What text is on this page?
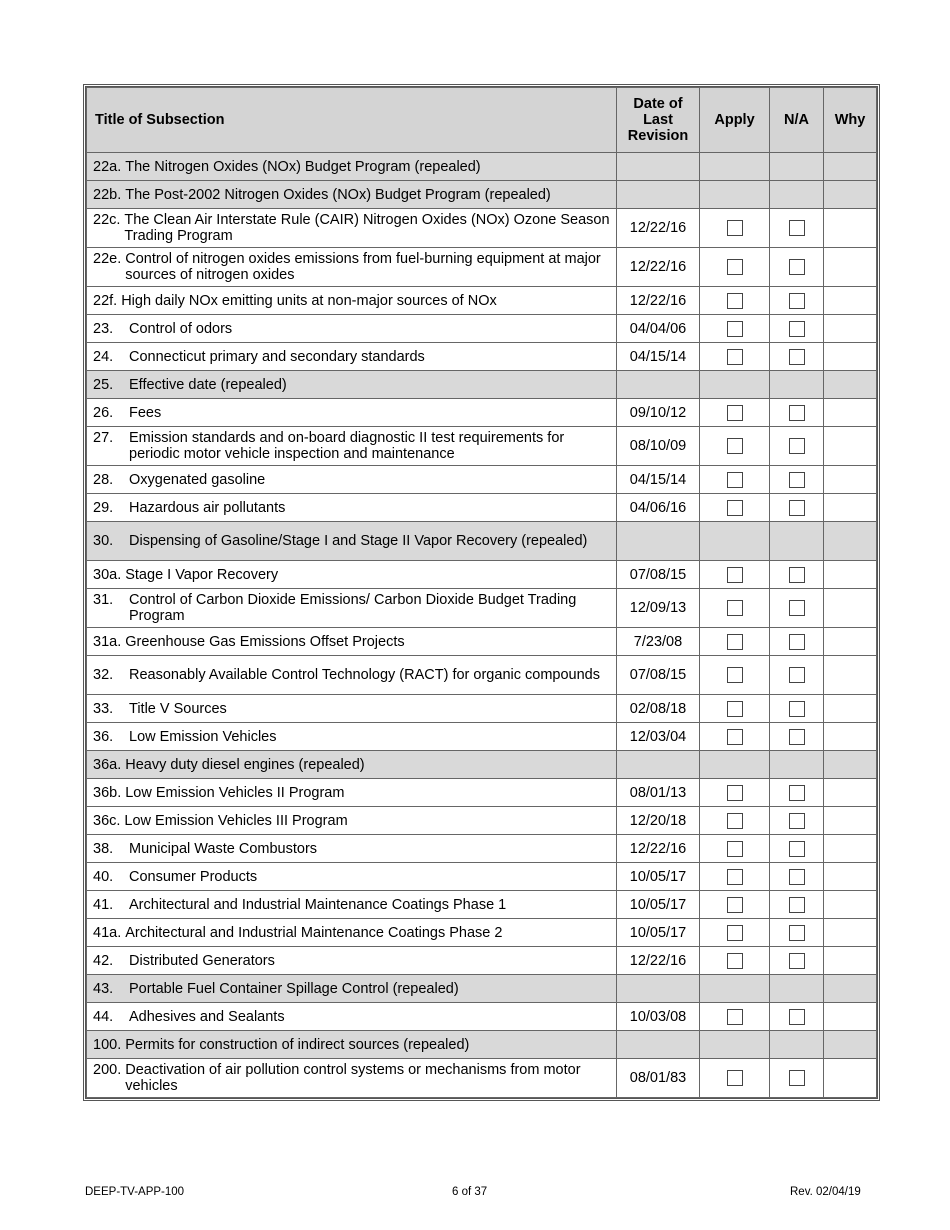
Title of Subsection	Date of Last Revision	Apply	N/A	Why

22a. The Nitrogen Oxides (NOx) Budget Program (repealed)				

22b. The Post-2002 Nitrogen Oxides (NOx) Budget Program (repealed)				

22c. The Clean Air Interstate Rule (CAIR) Nitrogen Oxides (NOx) Ozone Season Trading Program	12/22/16			

22e. Control of nitrogen oxides emissions from fuel-burning equipment at major sources of nitrogen oxides	12/22/16			

22f. High daily NOx emitting units at non-major sources of NOx	12/22/16			

23. Control of odors	04/04/06			

24. Connecticut primary and secondary standards	04/15/14			

25. Effective date (repealed)				

26. Fees	09/10/12			

27. Emission standards and on-board diagnostic II test requirements for periodic motor vehicle inspection and maintenance	08/10/09			

28. Oxygenated gasoline	04/15/14			

29. Hazardous air pollutants	04/06/16			

30. Dispensing of Gasoline/Stage I and Stage II Vapor Recovery (repealed)				

30a. Stage I Vapor Recovery	07/08/15			

31. Control of Carbon Dioxide Emissions/ Carbon Dioxide Budget Trading Program	12/09/13			

31a. Greenhouse Gas Emissions Offset Projects	7/23/08			

32. Reasonably Available Control Technology (RACT) for organic compounds	07/08/15			

33. Title V Sources	02/08/18			

36. Low Emission Vehicles	12/03/04			

36a. Heavy duty diesel engines (repealed)				

36b. Low Emission Vehicles II Program	08/01/13			

36c. Low Emission Vehicles III Program	12/20/18			

38. Municipal Waste Combustors	12/22/16			

40. Consumer Products	10/05/17			

41. Architectural and Industrial Maintenance Coatings Phase 1	10/05/17			

41a. Architectural and Industrial Maintenance Coatings Phase 2	10/05/17			

42. Distributed Generators	12/22/16			

43. Portable Fuel Container Spillage Control (repealed)				

44. Adhesives and Sealants	10/03/08			

100. Permits for construction of indirect sources (repealed)				

200. Deactivation of air pollution control systems or mechanisms from motor vehicles	08/01/83			
DEEP-TV-APP-100	6 of 37	Rev. 02/04/19
